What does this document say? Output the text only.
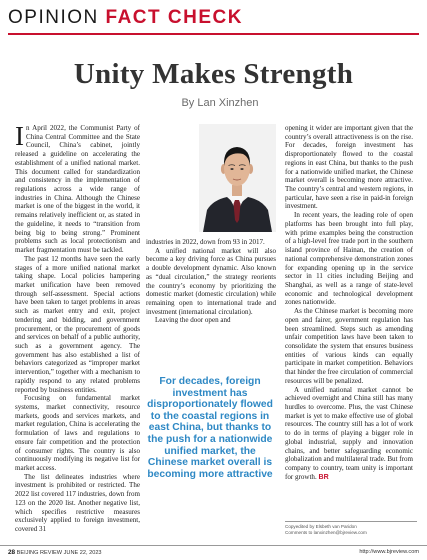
OPINION FACT CHECK
Unity Makes Strength
By Lan Xinzhen

In April 2022, the Communist Party of China Central Committee and the State Council, China’s cabinet, jointly released a guideline on accelerating the establishment of a unified national market. This document called for standardization and consistency in the implementation of regulations across a wide range of industries in China. Although the Chinese market is one of the biggest in the world, it remains relatively inefficient or, as stated in the guideline, it needs to “transition from being big to being strong.” Prominent problems such as local protectionism and market fragmentation must be tackled.

The past 12 months have seen the early stages of a more unified national market taking shape. Local policies hampering market unification have been removed through self-assessment. Special actions have been taken to target problems in areas such as market entry and exit, project tendering and bidding, and government procurement, or the procurement of goods and services on behalf of a public authority, such as a government agency. The government has also established a list of behaviors categorized as “improper market intervention,” together with a mechanism to rapidly respond to any related problems reported by business entities.

Focusing on fundamental market systems, market connectivity, resource markets, goods and services markets, and market regulation, China is accelerating the formulation of laws and regulations to ensure fair competition and the protection of consumer rights. The country is also continuously modifying its negative list for market access.

The list delineates industries where investment is prohibited or restricted. The 2022 list covered 117 industries, down from 123 on the 2020 list. Another negative list, which specifies restrictive measures exclusively applied to foreign investment, covered 31

industries in 2022, down from 93 in 2017.

A unified national market will also become a key driving force as China pursues a double development dynamic. Also known as “dual circulation,” the strategy reorients the country’s economy by prioritizing the domestic market (domestic circulation) while remaining open to international trade and investment (international circulation).

Leaving the door open and

For decades, foreign investment has disproportionately flowed to the coastal regions in east China, but thanks to the push for a nationwide unified market, the Chinese market overall is becoming more attractive

opening it wider are important given that the country’s overall attractiveness is on the rise. For decades, foreign investment has disproportionately flowed to the coastal regions in east China, but thanks to the push for a nationwide unified market, the Chinese market overall is becoming more attractive. The country’s central and western regions, in particular, have seen a rise in paid-in foreign investment.

In recent years, the leading role of open platforms has been brought into full play, with prime examples being the construction of a high-level free trade port in the southern island province of Hainan, the creation of national comprehensive demonstration zones for expanding opening up in the service sector in 11 cities including Beijing and Shanghai, as well as a range of state-level economic and technological development zones nationwide.

As the Chinese market is becoming more open and fairer, government regulation has been streamlined. Steps such as amending unfair competition laws have been taken to consolidate the system that ensures business entities of various kinds can equally participate in market competition. Behaviors that hinder the free circulation of commercial resources will be penalized.

A unified national market cannot be achieved overnight and China still has many hurdles to overcome. Plus, the vast Chinese market is yet to make effective use of global resources. The country still has a lot of work to do in terms of playing a bigger role in global industrial, supply and innovation chains, and better safeguarding economic globalization and multilateral trade. But from company to country, team unity is important for growth. BR

Copyedited by Elsbeth van Paridon
Comments to lanxinzhen@bjreview.com
28 BEIJING REVIEW JUNE 22, 2023	http://www.bjreview.com
